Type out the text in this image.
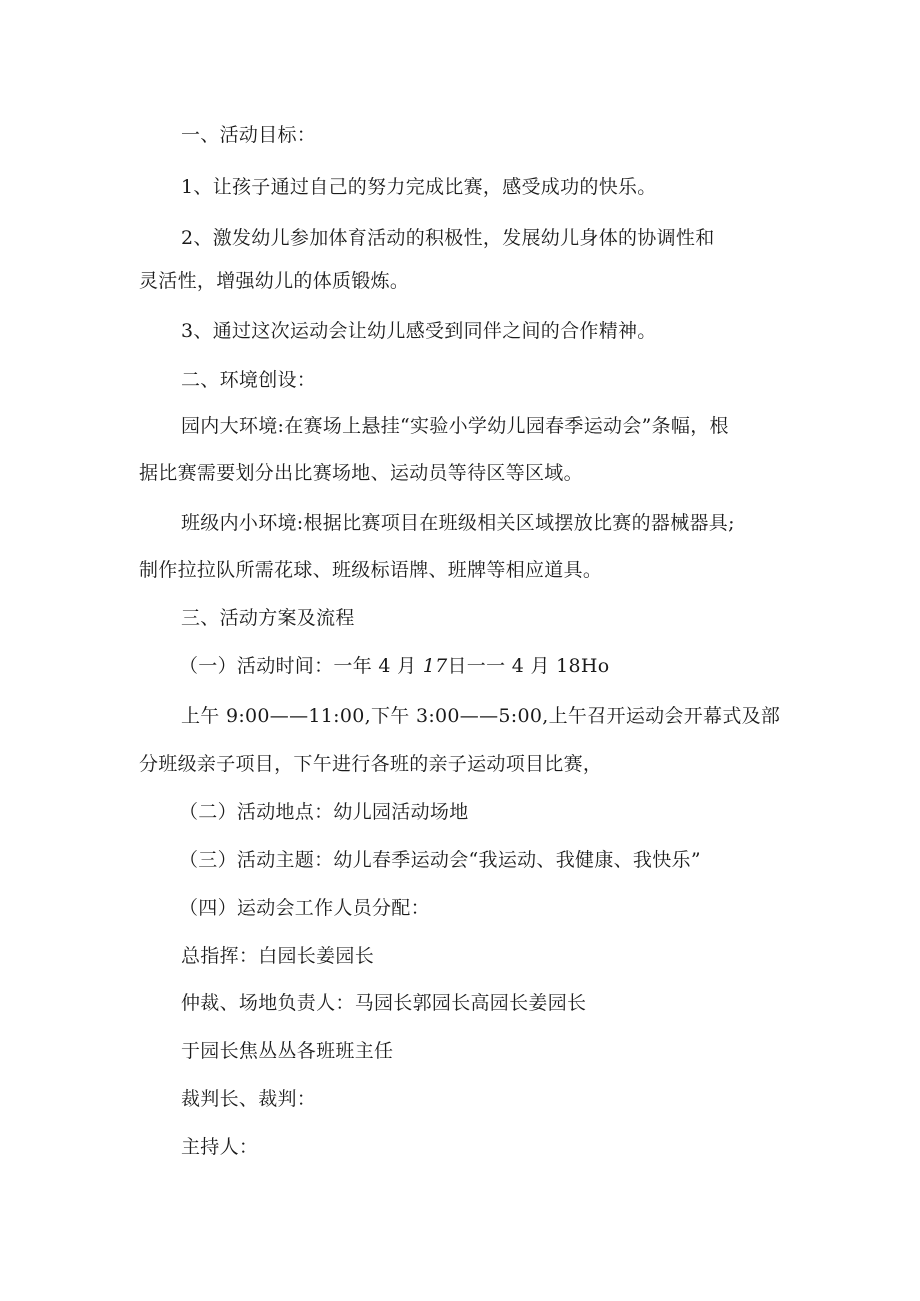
一、活动目标：
1、让孩子通过自己的努力完成比赛，感受成功的快乐。
2、激发幼儿参加体育活动的积极性，发展幼儿身体的协调性和
灵活性，增强幼儿的体质锻炼。
3、通过这次运动会让幼儿感受到同伴之间的合作精神。
二、环境创设：
园内大环境:在赛场上悬挂“实验小学幼儿园春季运动会”条幅，根
据比赛需要划分出比赛场地、运动员等待区等区域。
班级内小环境:根据比赛项目在班级相关区域摆放比赛的器械器具;
制作拉拉队所需花球、班级标语牌、班牌等相应道具。
三、活动方案及流程
（一）活动时间：一年 4 月 17日一一 4 月 18Ho
上午 9:00——11:00,下午 3:00——5:00,上午召开运动会开幕式及部
分班级亲子项目，下午进行各班的亲子运动项目比赛，
（二）活动地点：幼儿园活动场地
（三）活动主题：幼儿春季运动会“我运动、我健康、我快乐”
（四）运动会工作人员分配：
总指挥：白园长姜园长
仲裁、场地负责人：马园长郭园长高园长姜园长
于园长焦丛丛各班班主任
裁判长、裁判：
主持人：
